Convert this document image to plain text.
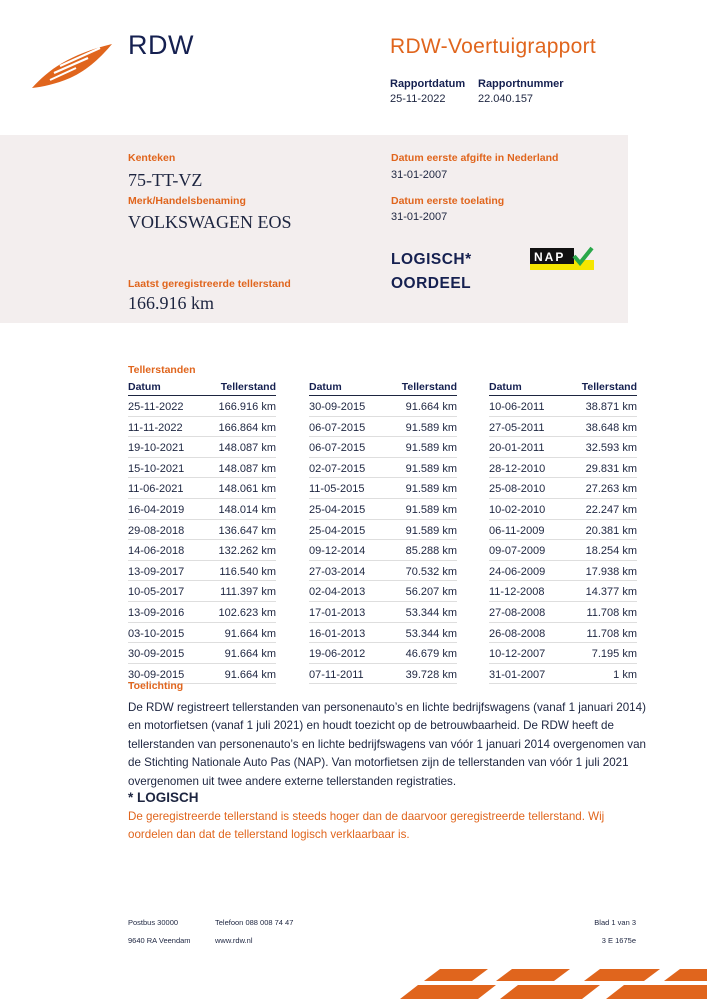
RDW	RDW-Voertuigrapport
Rapportdatum Rapportnummer
25-11-2022	22.040.157
Kenteken
75-TT-VZ
Merk/Handelsbenaming
VOLKSWAGEN EOS
Laatst geregistreerde tellerstand
166.916 km
Datum eerste afgifte in Nederland
31-01-2007
Datum eerste toelating
31-01-2007
LOGISCH*
OORDEEL
NAP
Tellerstanden
Datum	Tellerstand
25-11-2022	166.916 km
11-11-2022	166.864 km
19-10-2021	148.087 km
15-10-2021	148.087 km
11-06-2021	148.061 km
16-04-2019	148.014 km
29-08-2018	136.647 km
14-06-2018	132.262 km
13-09-2017	116.540 km
10-05-2017	111.397 km
13-09-2016	102.623 km
03-10-2015	91.664 km
30-09-2015	91.664 km
30-09-2015	91.664 km
Datum	Tellerstand
30-09-2015	91.664 km
06-07-2015	91.589 km
06-07-2015	91.589 km
02-07-2015	91.589 km
11-05-2015	91.589 km
25-04-2015	91.589 km
25-04-2015	91.589 km
09-12-2014	85.288 km
27-03-2014	70.532 km
02-04-2013	56.207 km
17-01-2013	53.344 km
16-01-2013	53.344 km
19-06-2012	46.679 km
07-11-2011	39.728 km
Datum	Tellerstand
10-06-2011	38.871 km
27-05-2011	38.648 km
20-01-2011	32.593 km
28-12-2010	29.831 km
25-08-2010	27.263 km
10-02-2010	22.247 km
06-11-2009	20.381 km
09-07-2009	18.254 km
24-06-2009	17.938 km
11-12-2008	14.377 km
27-08-2008	11.708 km
26-08-2008	11.708 km
10-12-2007	7.195 km
31-01-2007	1 km
Toelichting
De RDW registreert tellerstanden van personenauto’s en lichte bedrijfswagens (vanaf 1 januari 2014) en motorfietsen (vanaf 1 juli 2021) en houdt toezicht op de betrouwbaarheid. De RDW heeft de tellerstanden van personenauto’s en lichte bedrijfswagens van vóór 1 januari 2014 overgenomen van de Stichting Nationale Auto Pas (NAP). Van motorfietsen zijn de tellerstanden van vóór 1 juli 2021 overgenomen uit twee andere externe tellerstanden registraties.
* LOGISCH
De geregistreerde tellerstand is steeds hoger dan de daarvoor geregistreerde tellerstand. Wij oordelen dan dat de tellerstand logisch verklaarbaar is.
Postbus 30000
9640 RA Veendam
Telefoon 088 008 74 47
www.rdw.nl
Blad 1 van 3
3 E 1675e
